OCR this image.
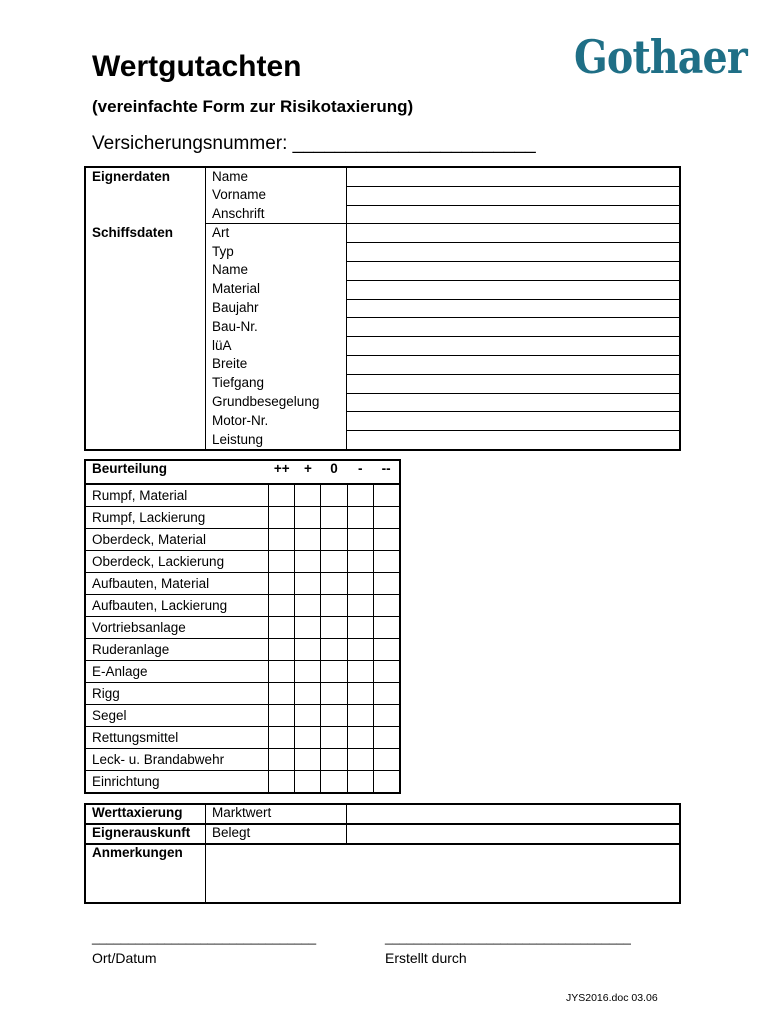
Wertgutachten
(vereinfachte Form zur Risikotaxierung)
Versicherungsnummer: _______________________
Gothaer
Eignerdaten	Name	
	Vorname	
	Anschrift	
Schiffsdaten	Art	
	Typ	
	Name	
	Material	
	Baujahr	
	Bau-Nr.	
	lüA	
	Breite	
	Tiefgang	
	Grundbesegelung	
	Motor-Nr.	
	Leistung	
Beurteilung	++	+	0	-	--
Rumpf, Material					
Rumpf, Lackierung					
Oberdeck, Material					
Oberdeck, Lackierung					
Aufbauten, Material					
Aufbauten, Lackierung					
Vortriebsanlage					
Ruderanlage					
E-Anlage					
Rigg					
Segel					
Rettungsmittel					
Leck- u. Brandabwehr					
Einrichtung					
Werttaxierung	Marktwert	
Eignerauskunft	Belegt	
Anmerkungen		
_______________________________	__________________________________
Ort/Datum	Erstellt durch
JYS2016.doc 03.06
